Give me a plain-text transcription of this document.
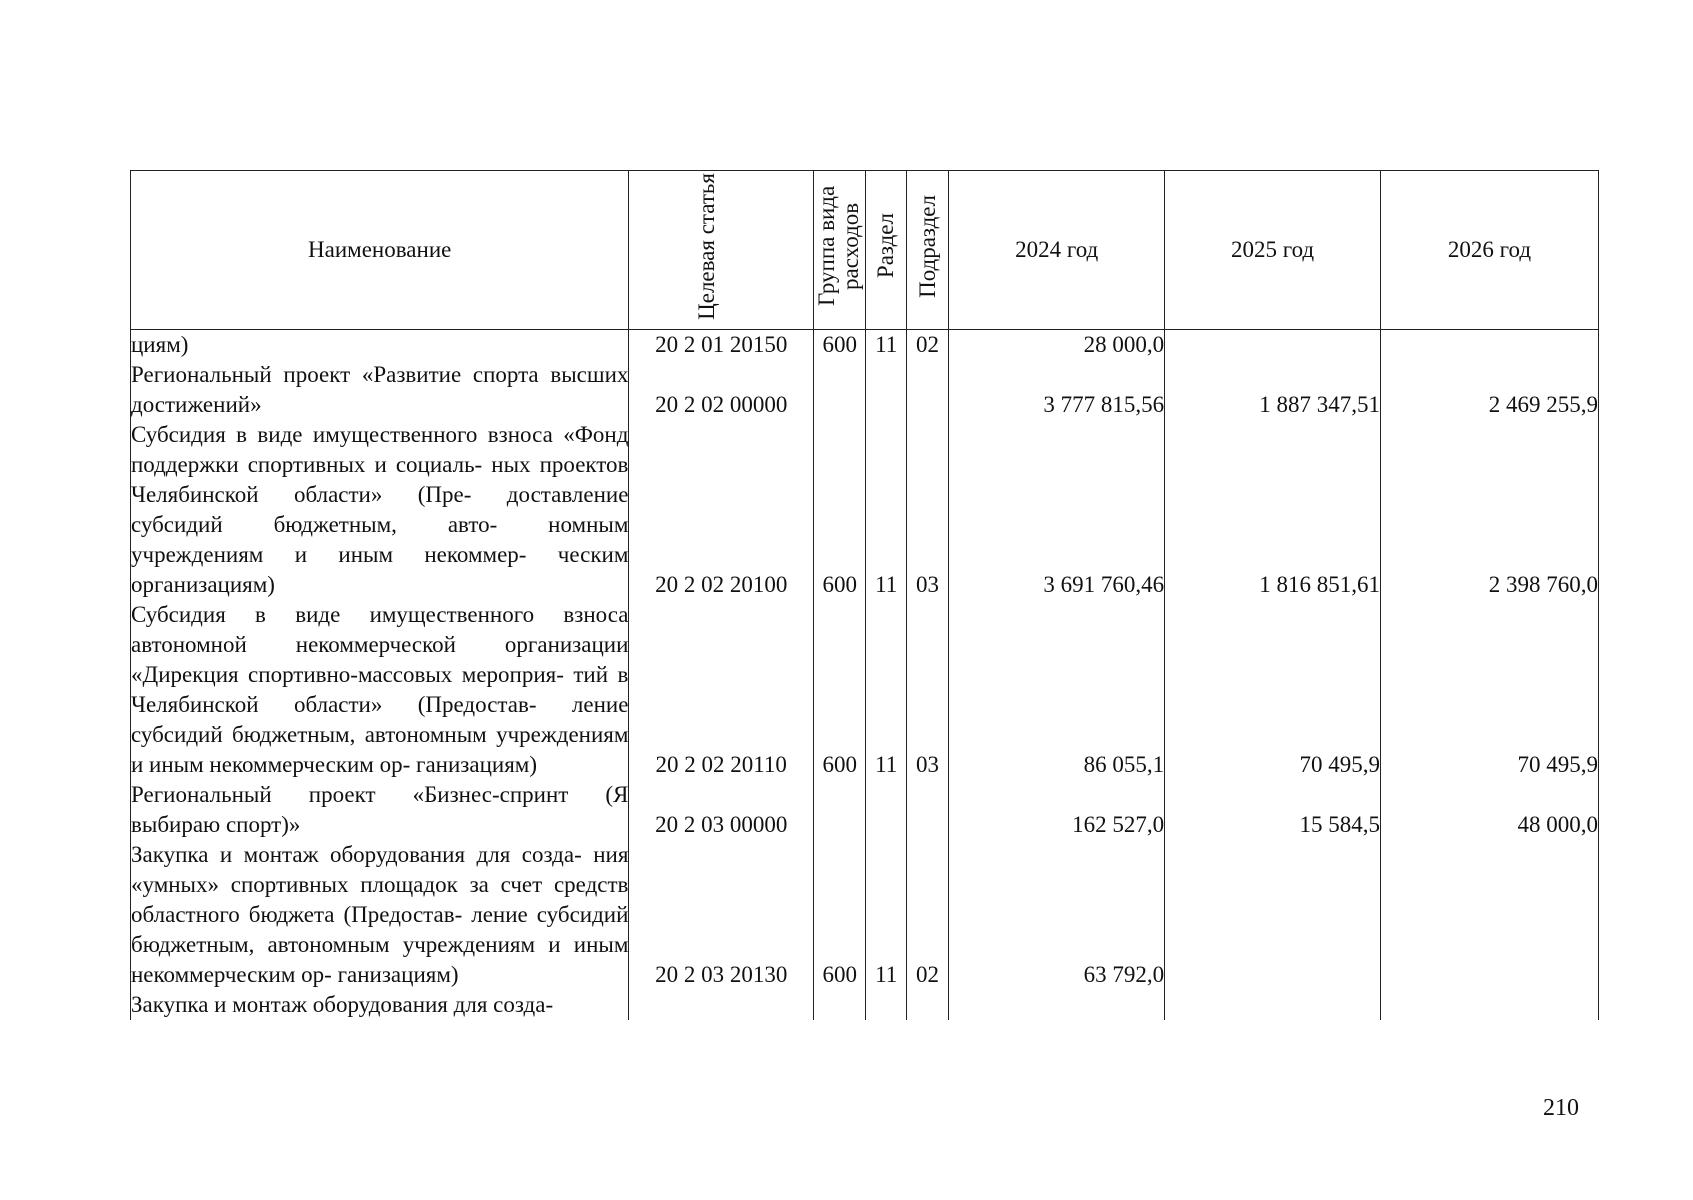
Наименование	Целевая статья	Группа вида расходов	Раздел	Подраздел	2024 год	2025 год	2026 год
циям)	20 2 01 20150	600	11	02	28 000,0		
Региональный проект «Развитие спорта высших достижений»	20 2 02 00000				3 777 815,56	1 887 347,51	2 469 255,9
Субсидия в виде имущественного взноса «Фонд поддержки спортивных и социаль- ных проектов Челябинской области» (Пре- доставление субсидий бюджетным, авто- номным учреждениям и иным некоммер- ческим организациям)	20 2 02 20100	600	11	03	3 691 760,46	1 816 851,61	2 398 760,0
Субсидия в виде имущественного взноса автономной некоммерческой организации «Дирекция спортивно-массовых мероприя- тий в Челябинской области» (Предостав- ление субсидий бюджетным, автономным учреждениям и иным некоммерческим ор- ганизациям)	20 2 02 20110	600	11	03	86 055,1	70 495,9	70 495,9
Региональный проект «Бизнес-спринт (Я выбираю спорт)»	20 2 03 00000				162 527,0	15 584,5	48 000,0
Закупка и монтаж оборудования для созда- ния «умных» спортивных площадок за счет средств областного бюджета (Предостав- ление субсидий бюджетным, автономным учреждениям и иным некоммерческим ор- ганизациям)	20 2 03 20130	600	11	02	63 792,0		
Закупка и монтаж оборудования для созда-							
210
